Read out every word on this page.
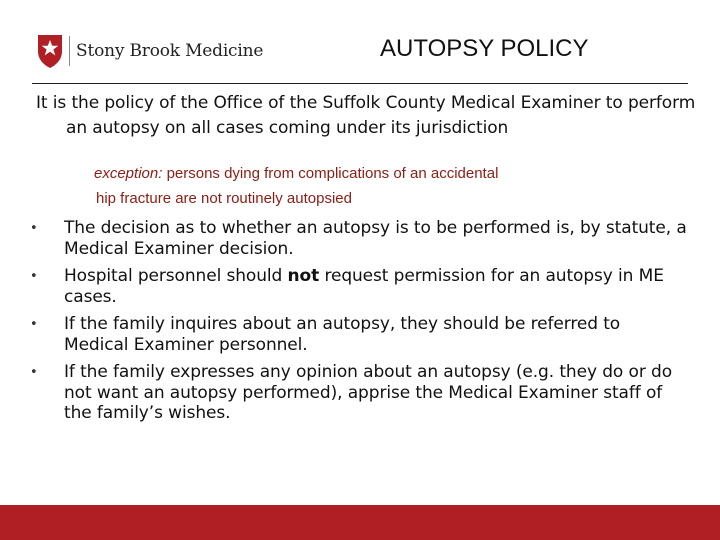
Stony Brook Medicine	AUTOPSY POLICY
It is the policy of the Office of the Suffolk County Medical Examiner to perform an autopsy on all cases coming under its jurisdiction
exception: persons dying from complications of an accidental
hip fracture are not routinely autopsied
• The decision as to whether an autopsy is to be performed is, by statute, a Medical Examiner decision.
• Hospital personnel should not request permission for an autopsy in ME cases.
• If the family inquires about an autopsy, they should be referred to Medical Examiner personnel.
• If the family expresses any opinion about an autopsy (e.g. they do or do not want an autopsy performed), apprise the Medical Examiner staff of the family’s wishes.
